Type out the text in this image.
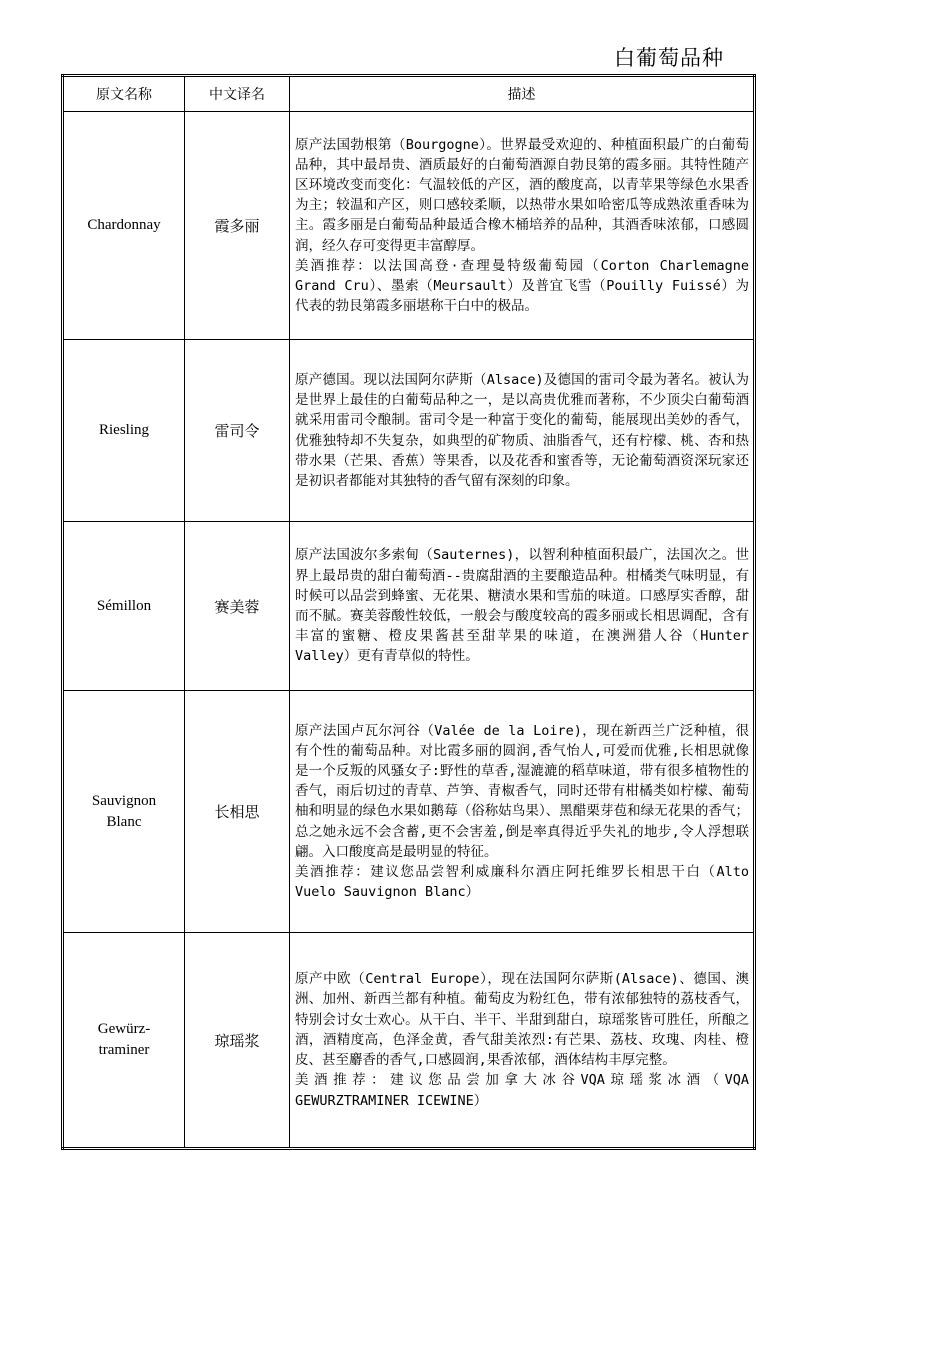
白葡萄品种
原文名称	中文译名	描述
Chardonnay	霞多丽	原产法国勃根第（Bourgogne）。世界最受欢迎的、种植面积最广的白葡萄品种，其中最昂贵、酒质最好的白葡萄酒源自勃艮第的霞多丽。其特性随产区环境改变而变化：气温较低的产区，酒的酸度高，以青苹果等绿色水果香为主；较温和产区，则口感较柔顺，以热带水果如哈密瓜等成熟浓重香味为主。霞多丽是白葡萄品种最适合橡木桶培养的品种，其酒香味浓郁，口感圆润，经久存可变得更丰富醇厚。
美酒推荐：以法国高登·查理曼特级葡萄园（Corton Charlemagne Grand Cru）、墨索（Meursault）及普宜飞雪（Pouilly Fuissé）为代表的勃艮第霞多丽堪称干白中的极品。

Riesling	雷司令	原产德国。现以法国阿尔萨斯（Alsace)及德国的雷司令最为著名。被认为是世界上最佳的白葡萄品种之一，是以高贵优雅而著称，不少顶尖白葡萄酒就采用雷司令酿制。雷司令是一种富于变化的葡萄，能展现出美妙的香气，优雅独特却不失复杂，如典型的矿物质、油脂香气，还有柠檬、桃、杏和热带水果（芒果、香蕉）等果香，以及花香和蜜香等，无论葡萄酒资深玩家还是初识者都能对其独特的香气留有深刻的印象。

Sémillon	赛美蓉	原产法国波尔多索甸（Sauternes)，以智利种植面积最广，法国次之。世界上最昂贵的甜白葡萄酒--贵腐甜酒的主要酿造品种。柑橘类气味明显，有时候可以品尝到蜂蜜、无花果、糖渍水果和雪茄的味道。口感厚实香醇，甜而不腻。赛美蓉酸性较低，一般会与酸度较高的霞多丽或长相思调配，含有丰富的蜜糖、橙皮果酱甚至甜苹果的味道，在澳洲猎人谷（Hunter Valley）更有青草似的特性。

Sauvignon Blanc	长相思	原产法国卢瓦尔河谷（Valée de la Loire)，现在新西兰广泛种植，很有个性的葡萄品种。对比霞多丽的圆润,香气怡人,可爱而优雅,长相思就像是一个反叛的风骚女子:野性的草香,湿漉漉的稻草味道，带有很多植物性的香气，雨后切过的青草、芦笋、青椒香气，同时还带有柑橘类如柠檬、葡萄柚和明显的绿色水果如鹅莓（俗称姑鸟果）、黑醋栗芽苞和绿无花果的香气；总之她永远不会含蓄,更不会害羞,倒是率真得近乎失礼的地步,令人浮想联翩。入口酸度高是最明显的特征。
美酒推荐：建议您品尝智利威廉科尔酒庄阿托维罗长相思干白（Alto Vuelo Sauvignon Blanc）

Gewürz-traminer	琼瑶浆	原产中欧（Central Europe），现在法国阿尔萨斯(Alsace)、德国、澳洲、加州、新西兰都有种植。葡萄皮为粉红色，带有浓郁独特的荔枝香气，特别会讨女士欢心。从干白、半干、半甜到甜白，琼瑶浆皆可胜任，所酿之酒，酒精度高，色泽金黄，香气甜美浓烈:有芒果、荔枝、玫瑰、肉桂、橙皮、甚至麝香的香气,口感圆润,果香浓郁，酒体结构丰厚完整。
美酒推荐：建议您品尝加拿大冰谷VQA琼瑶浆冰酒（VQA GEWURZTRAMINER ICEWINE）
